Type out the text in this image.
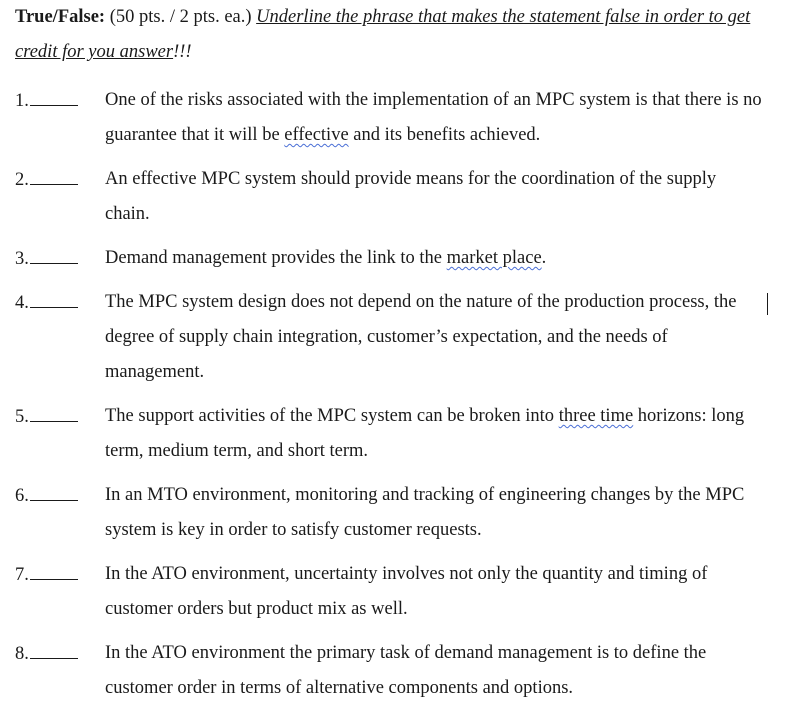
True/False: (50 pts. / 2 pts. ea.) Underline the phrase that makes the statement false in order to get credit for you answer!!!
1.	One of the risks associated with the implementation of an MPC system is that there is no guarantee that it will be effective and its benefits achieved.
2.	An effective MPC system should provide means for the coordination of the supply chain.
3.	Demand management provides the link to the market place.
4.	The MPC system design does not depend on the nature of the production process, the degree of supply chain integration, customer’s expectation, and the needs of management.
5.	The support activities of the MPC system can be broken into three time horizons: long term, medium term, and short term.
6.	In an MTO environment, monitoring and tracking of engineering changes by the MPC system is key in order to satisfy customer requests.
7.	In the ATO environment, uncertainty involves not only the quantity and timing of customer orders but product mix as well.
8.	In the ATO environment the primary task of demand management is to define the customer order in terms of alternative components and options.
